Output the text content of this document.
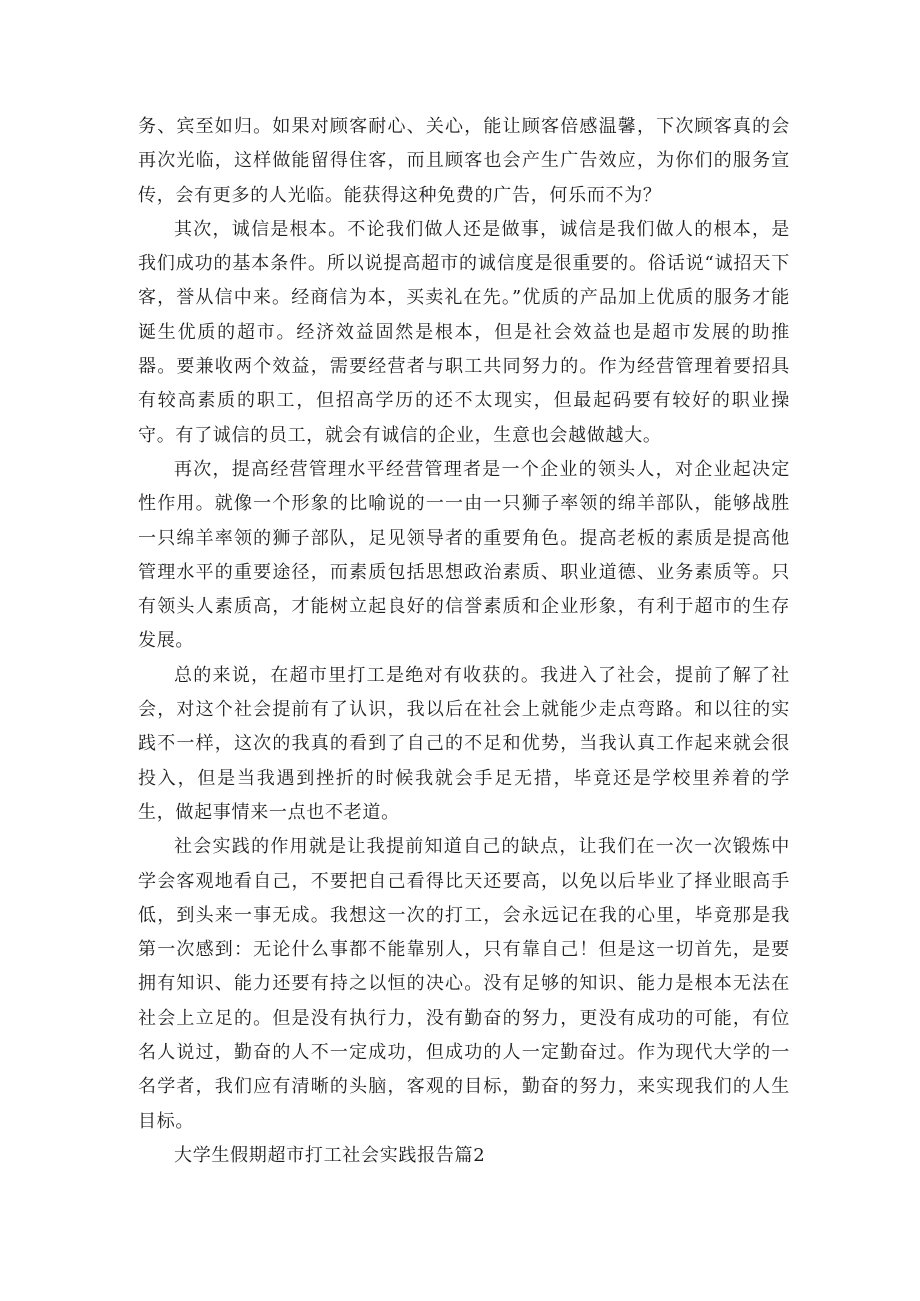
务、宾至如归。如果对顾客耐心、关心，能让顾客倍感温馨，下次顾客真的会再次光临，这样做能留得住客，而且顾客也会产生广告效应，为你们的服务宣传，会有更多的人光临。能获得这种免费的广告，何乐而不为？

其次，诚信是根本。不论我们做人还是做事，诚信是我们做人的根本，是我们成功的基本条件。所以说提高超市的诚信度是很重要的。俗话说“诚招天下客，誉从信中来。经商信为本，买卖礼在先。”优质的产品加上优质的服务才能诞生优质的超市。经济效益固然是根本，但是社会效益也是超市发展的助推器。要兼收两个效益，需要经营者与职工共同努力的。作为经营管理着要招具有较高素质的职工，但招高学历的还不太现实，但最起码要有较好的职业操守。有了诚信的员工，就会有诚信的企业，生意也会越做越大。

再次，提高经营管理水平经营管理者是一个企业的领头人，对企业起决定性作用。就像一个形象的比喻说的一一由一只狮子率领的绵羊部队，能够战胜一只绵羊率领的狮子部队，足见领导者的重要角色。提高老板的素质是提高他管理水平的重要途径，而素质包括思想政治素质、职业道德、业务素质等。只有领头人素质高，才能树立起良好的信誉素质和企业形象，有利于超市的生存发展。

总的来说，在超市里打工是绝对有收获的。我进入了社会，提前了解了社会，对这个社会提前有了认识，我以后在社会上就能少走点弯路。和以往的实践不一样，这次的我真的看到了自己的不足和优势，当我认真工作起来就会很投入，但是当我遇到挫折的时候我就会手足无措，毕竟还是学校里养着的学生，做起事情来一点也不老道。

社会实践的作用就是让我提前知道自己的缺点，让我们在一次一次锻炼中学会客观地看自己，不要把自己看得比天还要高，以免以后毕业了择业眼高手低，到头来一事无成。我想这一次的打工，会永远记在我的心里，毕竟那是我第一次感到：无论什么事都不能靠别人，只有靠自己！但是这一切首先，是要拥有知识、能力还要有持之以恒的决心。没有足够的知识、能力是根本无法在社会上立足的。但是没有执行力，没有勤奋的努力，更没有成功的可能，有位名人说过，勤奋的人不一定成功，但成功的人一定勤奋过。作为现代大学的一名学者，我们应有清晰的头脑，客观的目标，勤奋的努力，来实现我们的人生目标。

大学生假期超市打工社会实践报告篇2
